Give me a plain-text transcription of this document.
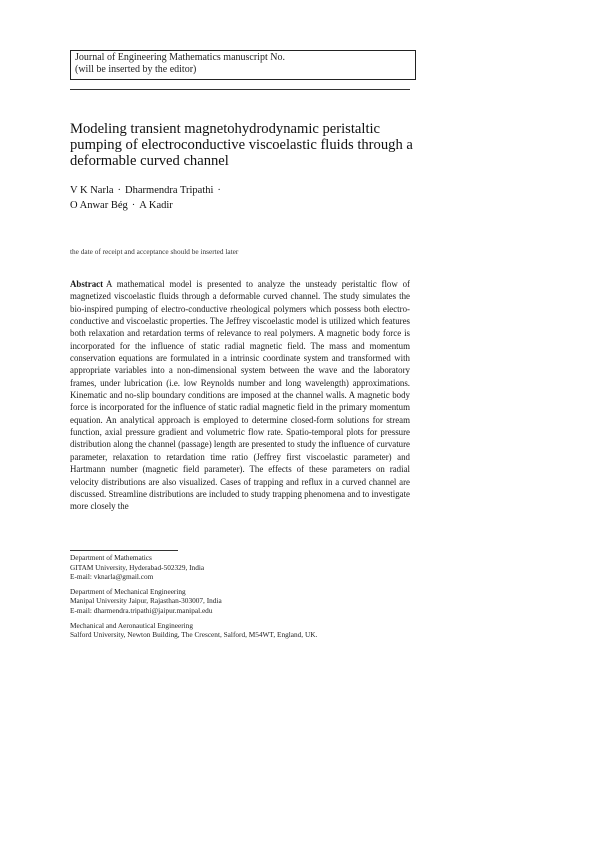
Journal of Engineering Mathematics manuscript No.
(will be inserted by the editor)
Modeling transient magnetohydrodynamic peristaltic pumping of electroconductive viscoelastic fluids through a deformable curved channel
V K Narla · Dharmendra Tripathi ·
O Anwar Bég · A Kadir
the date of receipt and acceptance should be inserted later

Abstract A mathematical model is presented to analyze the unsteady peristaltic flow of magnetized viscoelastic fluids through a deformable curved channel. The study simulates the bio-inspired pumping of electro-conductive rheological polymers which possess both electro-conductive and viscoelastic properties. The Jeffrey viscoelastic model is utilized which features both relaxation and retardation terms of relevance to real polymers. A magnetic body force is incorporated for the influence of static radial magnetic field. The mass and momentum conservation equations are formulated in a intrinsic coordinate system and transformed with appropriate variables into a non-dimensional system between the wave and the laboratory frames, under lubrication (i.e. low Reynolds number and long wavelength) approximations. Kinematic and no-slip boundary conditions are imposed at the channel walls. A magnetic body force is incorporated for the influence of static radial magnetic field in the primary momentum equation. An analytical approach is employed to determine closed-form solutions for stream function, axial pressure gradient and volumetric flow rate. Spatio-temporal plots for pressure distribution along the channel (passage) length are presented to study the influence of curvature parameter, relaxation to retardation time ratio (Jeffrey first viscoelastic parameter) and Hartmann number (magnetic field parameter). The effects of these parameters on radial velocity distributions are also visualized. Cases of trapping and reflux in a curved channel are discussed. Streamline distributions are included to study trapping phenomena and to investigate more closely the

Department of Mathematics
GITAM University, Hyderabad-502329, India
E-mail: vknarla@gmail.com
Department of Mechanical Engineering
Manipal University Jaipur, Rajasthan-303007, India
E-mail: dharmendra.tripathi@jaipur.manipal.edu
Mechanical and Aeronautical Engineering
Salford University, Newton Building, The Crescent, Salford, M54WT, England, UK.
